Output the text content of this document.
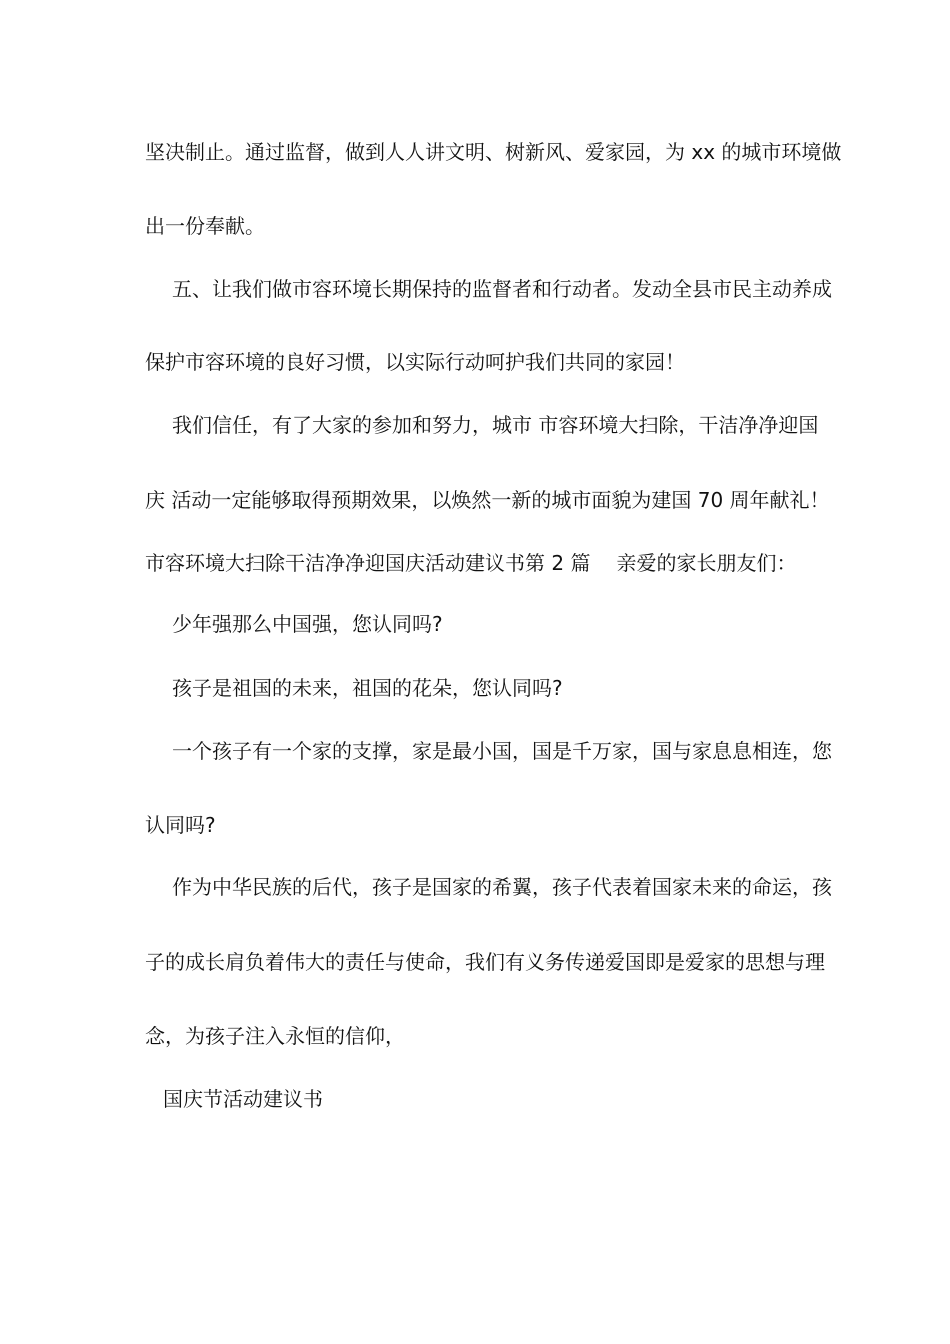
坚决制止。通过监督，做到人人讲文明、树新风、爱家园，为 xx 的城市环境做
出一份奉献。
五、让我们做市容环境长期保持的监督者和行动者。发动全县市民主动养成
保护市容环境的良好习惯，以实际行动呵护我们共同的家园！
我们信任，有了大家的参加和努力，城市 市容环境大扫除，干洁净净迎国
庆 活动一定能够取得预期效果，以焕然一新的城市面貌为建国 70 周年献礼！
市容环境大扫除干洁净净迎国庆活动建议书第 2 篇 亲爱的家长朋友们：
少年强那么中国强，您认同吗?
孩子是祖国的未来，祖国的花朵，您认同吗?
一个孩子有一个家的支撑，家是最小国，国是千万家，国与家息息相连，您
认同吗?
作为中华民族的后代，孩子是国家的希翼，孩子代表着国家未来的命运，孩
子的成长肩负着伟大的责任与使命，我们有义务传递爱国即是爱家的思想与理
念，为孩子注入永恒的信仰，
国庆节活动建议书
